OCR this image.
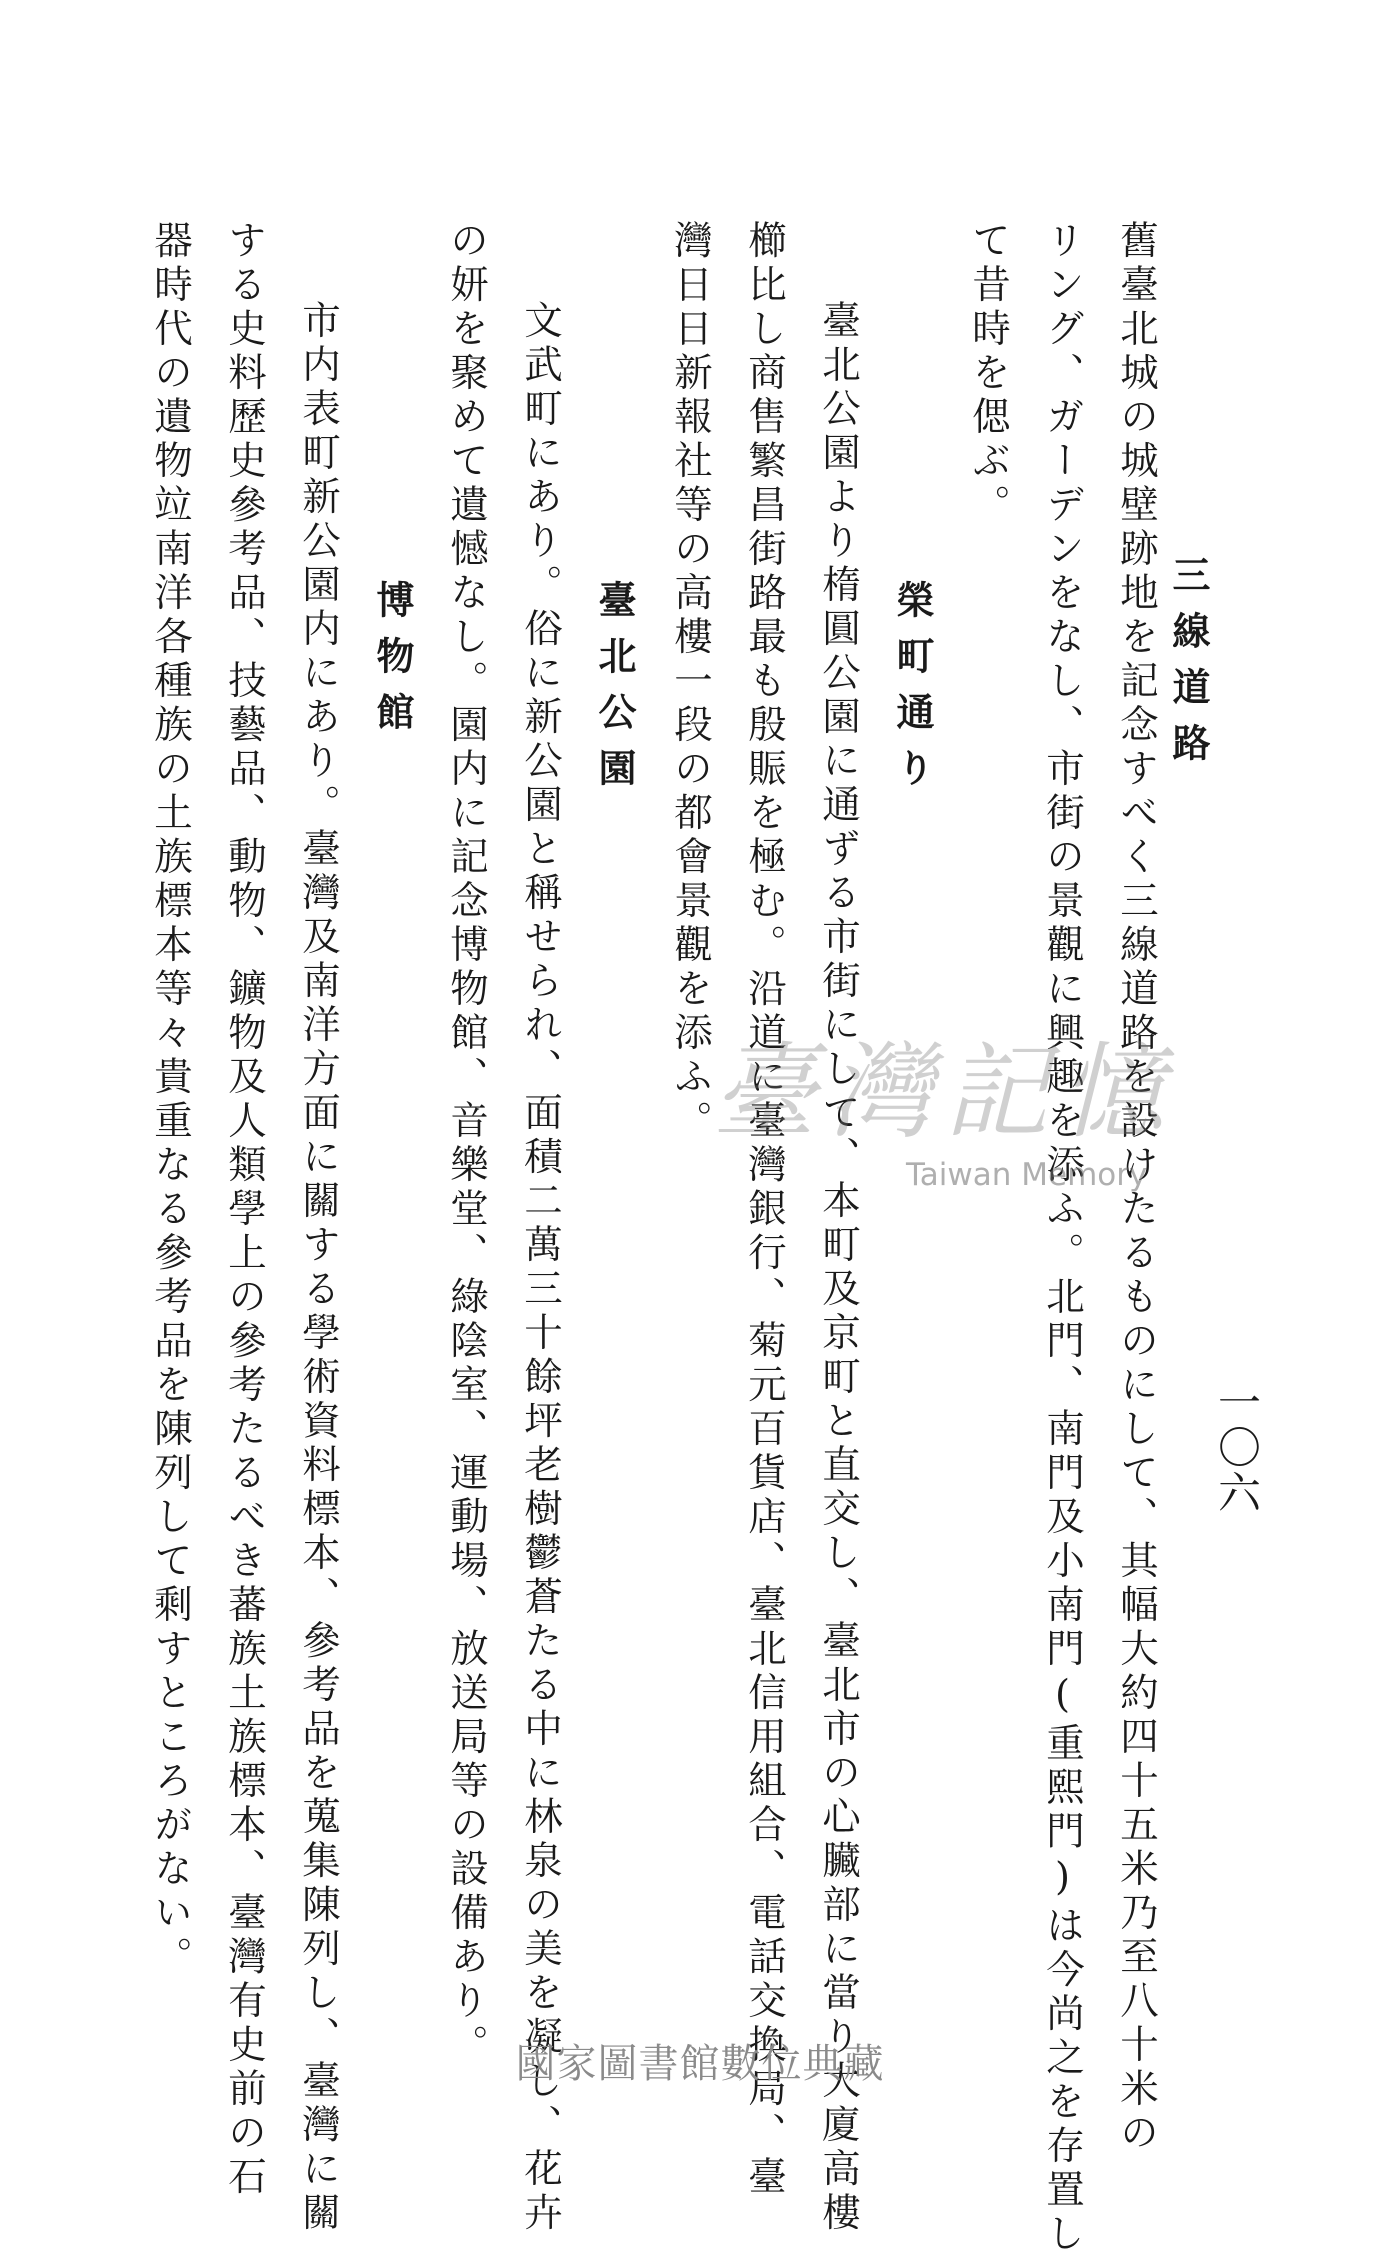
一〇六
三線道路
舊臺北城の城壁跡地を記念すべく三線道路を設けたるものにして、其幅大約四十五米乃至八十米の
リング、ガーデンをなし、市街の景觀に興趣を添ふ。北門、南門及小南門(重熙門)は今尚之を存置し
て昔時を偲ぶ。
榮町通り
臺北公園より楕圓公園に通ずる市街にして、本町及京町と直交し、臺北市の心臟部に當り大廈高樓
櫛比し商售繁昌街路最も殷賑を極む。沿道に臺灣銀行、菊元百貨店、臺北信用組合、電話交換局、臺
灣日日新報社等の高樓一段の都會景觀を添ふ。
臺北公園
文武町にあり。俗に新公園と稱せられ、面積二萬三十餘坪老樹鬱蒼たる中に林泉の美を凝し、花卉
の妍を聚めて遺憾なし。園内に記念博物館、音樂堂、綠陰室、運動場、放送局等の設備あり。
博物館
市内表町新公園内にあり。臺灣及南洋方面に關する學術資料標本、參考品を蒐集陳列し、臺灣に關
する史料歷史參考品、技藝品、動物、鑛物及人類學上の參考たるべき蕃族土族標本、臺灣有史前の石
器時代の遺物竝南洋各種族の土族標本等々貴重なる參考品を陳列して剩すところがない。	臺灣記憶
Taiwan Memory
國家圖書館數位典藏
